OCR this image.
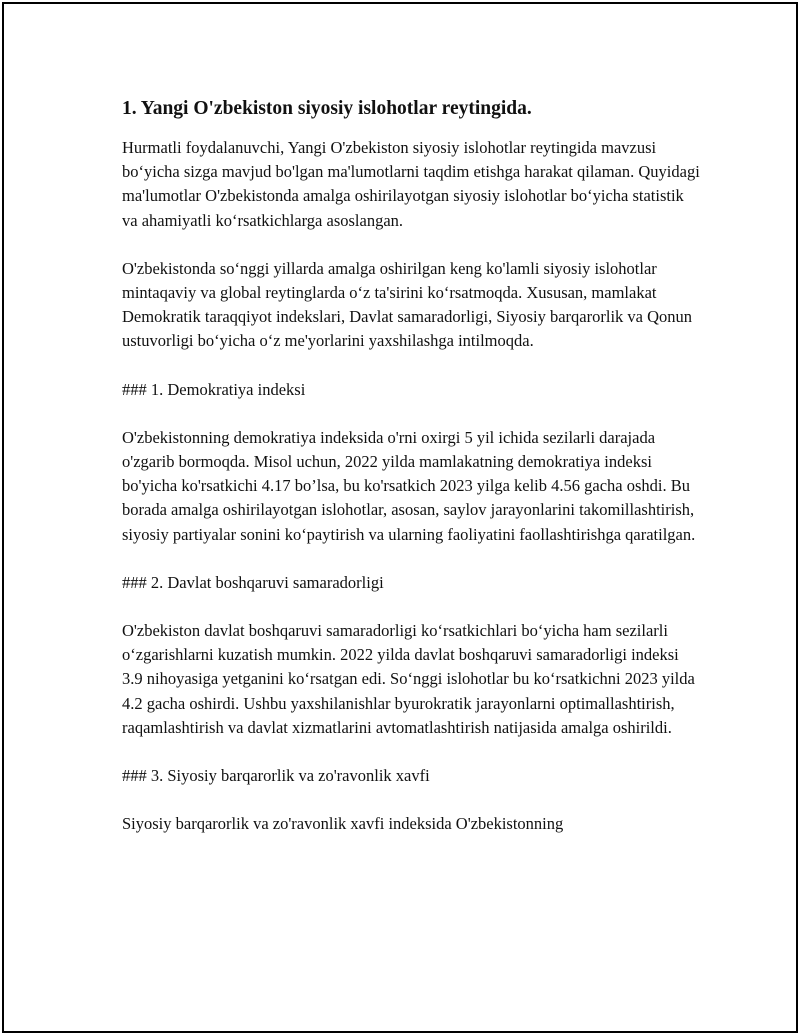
1. Yangi O'zbekiston siyosiy islohotlar reytingida.

Hurmatli foydalanuvchi, Yangi O'zbekiston siyosiy islohotlar reytingida mavzusi bo‘yicha sizga mavjud bo'lgan ma'lumotlarni taqdim etishga harakat qilaman. Quyidagi ma'lumotlar O'zbekistonda amalga oshirilayotgan siyosiy islohotlar bo‘yicha statistik va ahamiyatli ko‘rsatkichlarga asoslangan.

O'zbekistonda so‘nggi yillarda amalga oshirilgan keng ko'lamli siyosiy islohotlar mintaqaviy va global reytinglarda o‘z ta'sirini ko‘rsatmoqda. Xususan, mamlakat Demokratik taraqqiyot indekslari, Davlat samaradorligi, Siyosiy barqarorlik va Qonun ustuvorligi bo‘yicha o‘z me'yorlarini yaxshilashga intilmoqda.

### 1. Demokratiya indeksi

O'zbekistonning demokratiya indeksida o'rni oxirgi 5 yil ichida sezilarli darajada o'zgarib bormoqda. Misol uchun, 2022 yilda mamlakatning demokratiya indeksi bo'yicha ko'rsatkichi 4.17 bo’lsa, bu ko'rsatkich 2023 yilga kelib 4.56 gacha oshdi. Bu borada amalga oshirilayotgan islohotlar, asosan, saylov jarayonlarini takomillashtirish, siyosiy partiyalar sonini ko‘paytirish va ularning faoliyatini faollashtirishga qaratilgan.

### 2. Davlat boshqaruvi samaradorligi

O'zbekiston davlat boshqaruvi samaradorligi ko‘rsatkichlari bo‘yicha ham sezilarli o‘zgarishlarni kuzatish mumkin. 2022 yilda davlat boshqaruvi samaradorligi indeksi 3.9 nihoyasiga yetganini ko‘rsatgan edi. So‘nggi islohotlar bu ko‘rsatkichni 2023 yilda 4.2 gacha oshirdi. Ushbu yaxshilanishlar byurokratik jarayonlarni optimallashtirish, raqamlashtirish va davlat xizmatlarini avtomatlashtirish natijasida amalga oshirildi.

### 3. Siyosiy barqarorlik va zo'ravonlik xavfi

Siyosiy barqarorlik va zo'ravonlik xavfi indeksida O'zbekistonning
